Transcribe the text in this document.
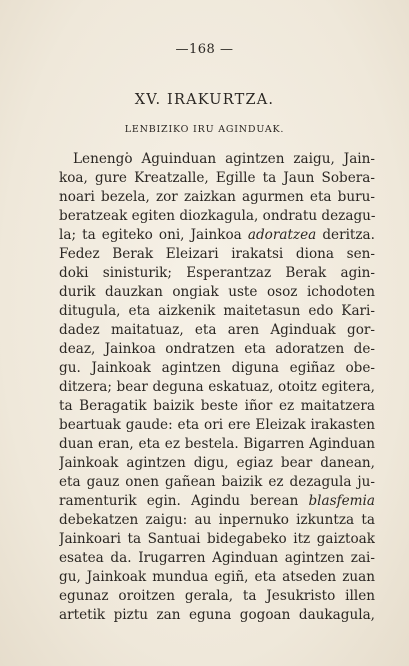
—168 —
XV. IRAKURTZA.
LENBIZIKO IRU AGINDUAK.
Lenengo Aguinduan agintzen zaigu, Jain-
koa, gure Kreatzalle, Egille ta Jaun Sobera-
noari bezela, zor zaizkan agurmen eta buru-
beratzeak egiten diozkagula, ondratu dezagu-
la; ta egiteko oni, Jainkoa adoratzea deritza.
Fedez Berak Eleizari irakatsi diona sen-
doki sinisturik; Esperantzaz Berak agin-
durik dauzkan ongiak uste osoz ichodoten
ditugula, eta aizkenik maitetasun edo Kari-
dadez maitatuaz, eta aren Aginduak gor-
deaz, Jainkoa ondratzen eta adoratzen de-
gu. Jainkoak agintzen diguna egiñaz obe-
ditzera; bear deguna eskatuaz, otoitz egitera,
ta Beragatik baizik beste iñor ez maitatzera
beartuak gaude: eta ori ere Eleizak irakasten
duan eran, eta ez bestela. Bigarren Aginduan
Jainkoak agintzen digu, egiaz bear danean,
eta gauz onen gañean baizik ez dezagula ju-
ramenturik egin. Agindu berean blasfemia
debekatzen zaigu: au inpernuko izkuntza ta
Jainkoari ta Santuai bidegabeko itz gaiztoak
esatea da. Irugarren Aginduan agintzen zai-
gu, Jainkoak mundua egiñ, eta atseden zuan
egunaz oroitzen gerala, ta Jesukristo illen
artetik piztu zan eguna gogoan daukagula,
